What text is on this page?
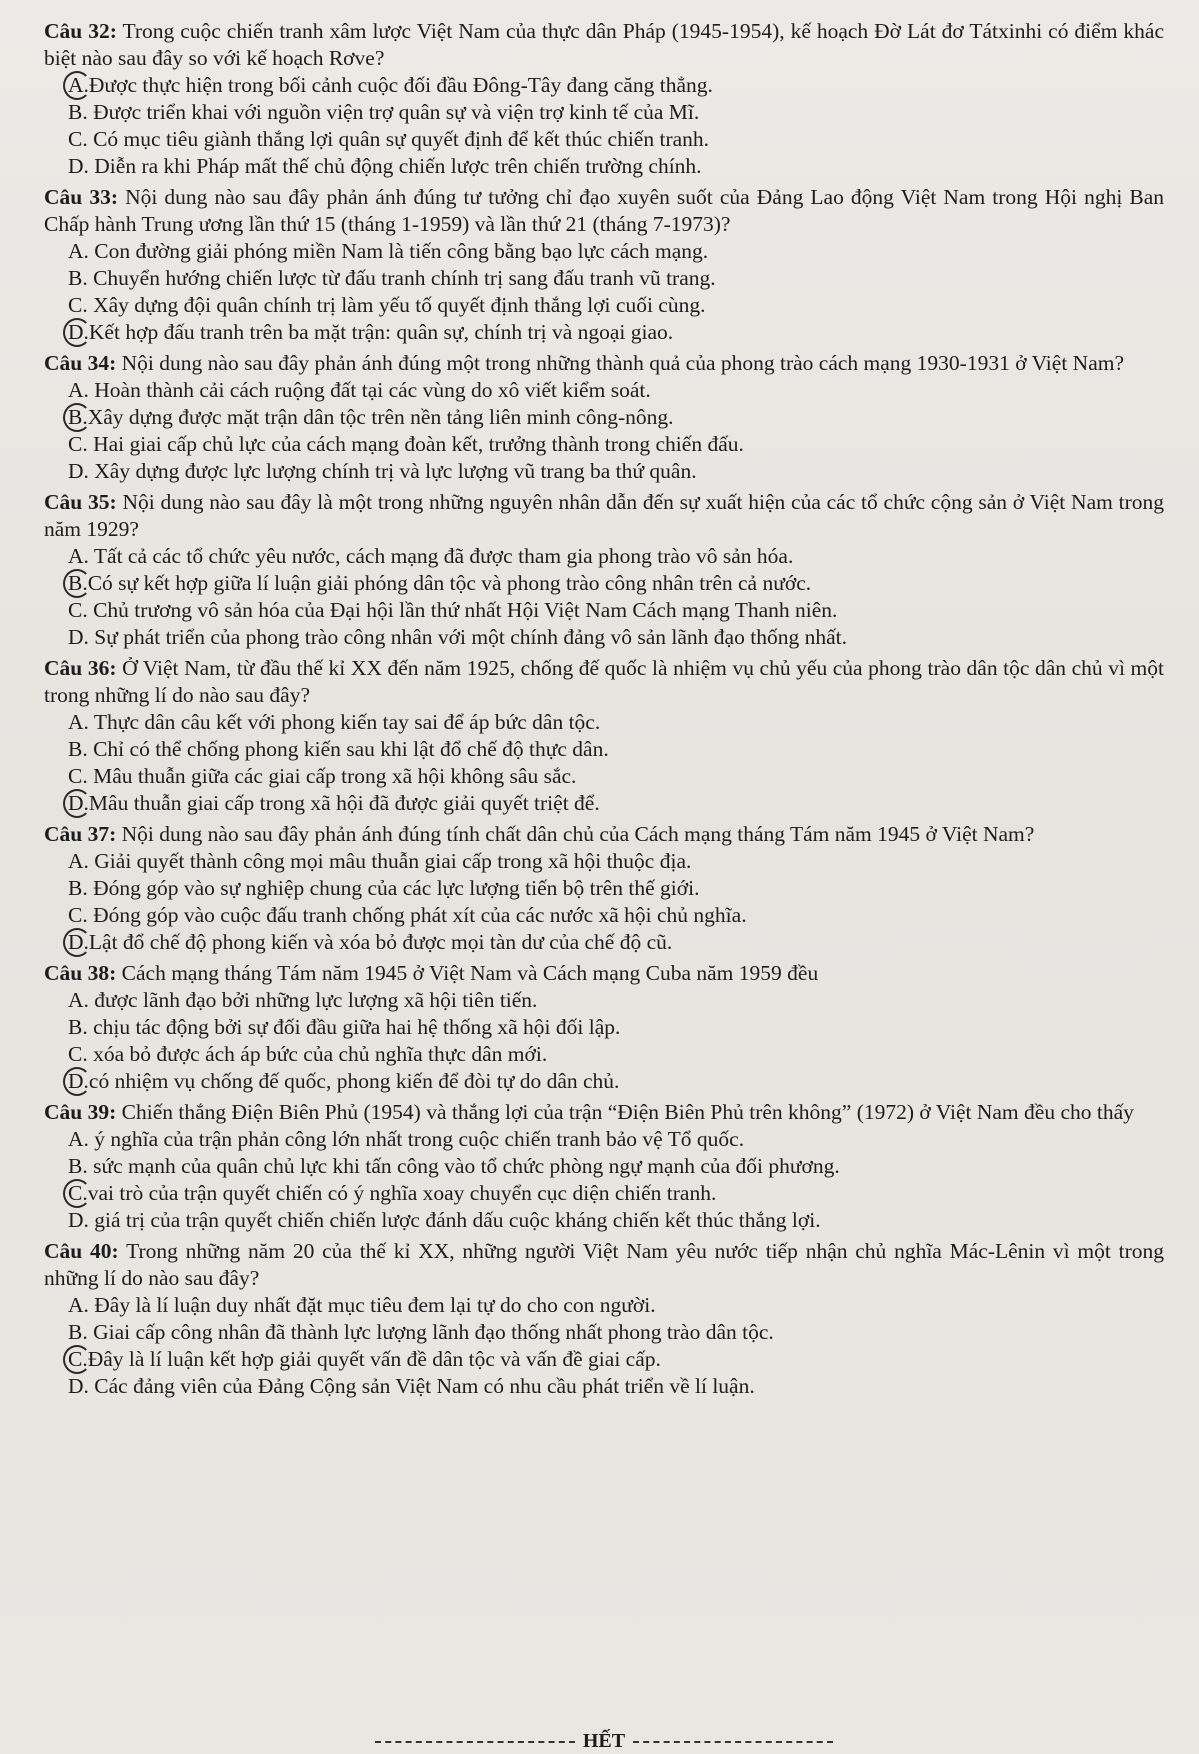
Câu 32: Trong cuộc chiến tranh xâm lược Việt Nam của thực dân Pháp (1945-1954), kế hoạch Đờ Lát đơ Tátxinhi có điểm khác biệt nào sau đây so với kế hoạch Rơve?

A.Được thực hiện trong bối cảnh cuộc đối đầu Đông-Tây đang căng thẳng.
B. Được triển khai với nguồn viện trợ quân sự và viện trợ kinh tế của Mĩ.
C. Có mục tiêu giành thắng lợi quân sự quyết định để kết thúc chiến tranh.
D. Diễn ra khi Pháp mất thế chủ động chiến lược trên chiến trường chính.

Câu 33: Nội dung nào sau đây phản ánh đúng tư tưởng chỉ đạo xuyên suốt của Đảng Lao động Việt Nam trong Hội nghị Ban Chấp hành Trung ương lần thứ 15 (tháng 1-1959) và lần thứ 21 (tháng 7-1973)?

A. Con đường giải phóng miền Nam là tiến công bằng bạo lực cách mạng.
B. Chuyển hướng chiến lược từ đấu tranh chính trị sang đấu tranh vũ trang.
C. Xây dựng đội quân chính trị làm yếu tố quyết định thắng lợi cuối cùng.
D.Kết hợp đấu tranh trên ba mặt trận: quân sự, chính trị và ngoại giao.

Câu 34: Nội dung nào sau đây phản ánh đúng một trong những thành quả của phong trào cách mạng 1930-1931 ở Việt Nam?

A. Hoàn thành cải cách ruộng đất tại các vùng do xô viết kiểm soát.
B.Xây dựng được mặt trận dân tộc trên nền tảng liên minh công-nông.
C. Hai giai cấp chủ lực của cách mạng đoàn kết, trưởng thành trong chiến đấu.
D. Xây dựng được lực lượng chính trị và lực lượng vũ trang ba thứ quân.

Câu 35: Nội dung nào sau đây là một trong những nguyên nhân dẫn đến sự xuất hiện của các tổ chức cộng sản ở Việt Nam trong năm 1929?

A. Tất cả các tổ chức yêu nước, cách mạng đã được tham gia phong trào vô sản hóa.
B.Có sự kết hợp giữa lí luận giải phóng dân tộc và phong trào công nhân trên cả nước.
C. Chủ trương vô sản hóa của Đại hội lần thứ nhất Hội Việt Nam Cách mạng Thanh niên.
D. Sự phát triển của phong trào công nhân với một chính đảng vô sản lãnh đạo thống nhất.

Câu 36: Ở Việt Nam, từ đầu thế kỉ XX đến năm 1925, chống đế quốc là nhiệm vụ chủ yếu của phong trào dân tộc dân chủ vì một trong những lí do nào sau đây?

A. Thực dân câu kết với phong kiến tay sai để áp bức dân tộc.
B. Chỉ có thể chống phong kiến sau khi lật đổ chế độ thực dân.
C. Mâu thuẫn giữa các giai cấp trong xã hội không sâu sắc.
D.Mâu thuẫn giai cấp trong xã hội đã được giải quyết triệt để.

Câu 37: Nội dung nào sau đây phản ánh đúng tính chất dân chủ của Cách mạng tháng Tám năm 1945 ở Việt Nam?

A. Giải quyết thành công mọi mâu thuẫn giai cấp trong xã hội thuộc địa.
B. Đóng góp vào sự nghiệp chung của các lực lượng tiến bộ trên thế giới.
C. Đóng góp vào cuộc đấu tranh chống phát xít của các nước xã hội chủ nghĩa.
D.Lật đổ chế độ phong kiến và xóa bỏ được mọi tàn dư của chế độ cũ.

Câu 38: Cách mạng tháng Tám năm 1945 ở Việt Nam và Cách mạng Cuba năm 1959 đều

A. được lãnh đạo bởi những lực lượng xã hội tiên tiến.
B. chịu tác động bởi sự đối đầu giữa hai hệ thống xã hội đối lập.
C. xóa bỏ được ách áp bức của chủ nghĩa thực dân mới.
D.có nhiệm vụ chống đế quốc, phong kiến để đòi tự do dân chủ.

Câu 39: Chiến thắng Điện Biên Phủ (1954) và thắng lợi của trận “Điện Biên Phủ trên không” (1972) ở Việt Nam đều cho thấy

A. ý nghĩa của trận phản công lớn nhất trong cuộc chiến tranh bảo vệ Tổ quốc.
B. sức mạnh của quân chủ lực khi tấn công vào tổ chức phòng ngự mạnh của đối phương.
C.vai trò của trận quyết chiến có ý nghĩa xoay chuyển cục diện chiến tranh.
D. giá trị của trận quyết chiến chiến lược đánh dấu cuộc kháng chiến kết thúc thắng lợi.

Câu 40: Trong những năm 20 của thế kỉ XX, những người Việt Nam yêu nước tiếp nhận chủ nghĩa Mác-Lênin vì một trong những lí do nào sau đây?

A. Đây là lí luận duy nhất đặt mục tiêu đem lại tự do cho con người.
B. Giai cấp công nhân đã thành lực lượng lãnh đạo thống nhất phong trào dân tộc.
C.Đây là lí luận kết hợp giải quyết vấn đề dân tộc và vấn đề giai cấp.
D. Các đảng viên của Đảng Cộng sản Việt Nam có nhu cầu phát triển về lí luận.
HẾT
